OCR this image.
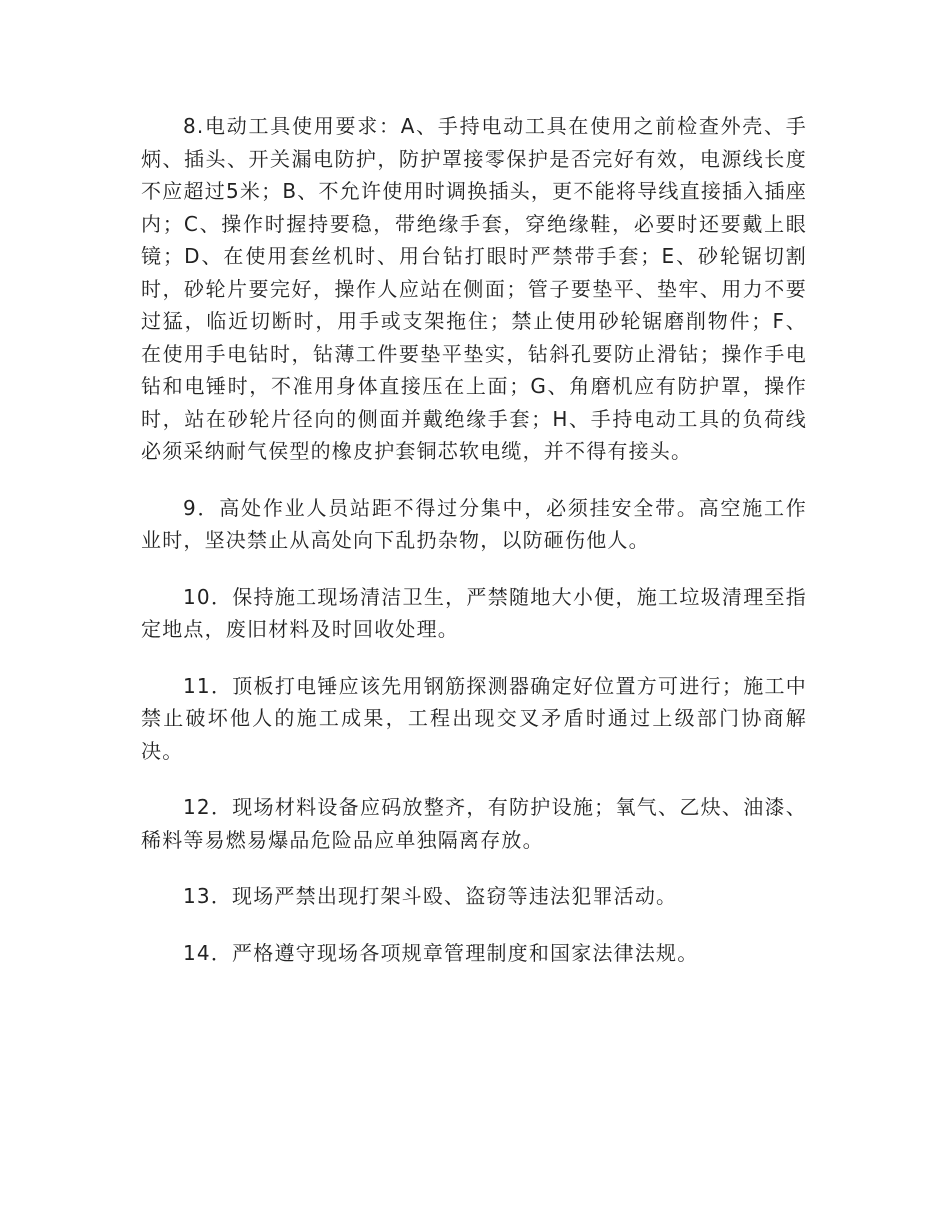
8.电动工具使用要求：A、手持电动工具在使用之前检查外壳、手炳、插头、开关漏电防护，防护罩接零保护是否完好有效，电源线长度不应超过5米；B、不允许使用时调换插头，更不能将导线直接插入插座内；C、操作时握持要稳，带绝缘手套，穿绝缘鞋，必要时还要戴上眼镜；D、在使用套丝机时、用台钻打眼时严禁带手套；E、砂轮锯切割时，砂轮片要完好，操作人应站在侧面；管子要垫平、垫牢、用力不要过猛，临近切断时，用手或支架拖住；禁止使用砂轮锯磨削物件；F、在使用手电钻时，钻薄工件要垫平垫实，钻斜孔要防止滑钻；操作手电钻和电锤时，不准用身体直接压在上面；G、角磨机应有防护罩，操作时，站在砂轮片径向的侧面并戴绝缘手套；H、手持电动工具的负荷线必须采纳耐气侯型的橡皮护套铜芯软电缆，并不得有接头。

9．高处作业人员站距不得过分集中，必须挂安全带。高空施工作业时，坚决禁止从高处向下乱扔杂物，以防砸伤他人。

10．保持施工现场清洁卫生，严禁随地大小便，施工垃圾清理至指定地点，废旧材料及时回收处理。

11．顶板打电锤应该先用钢筋探测器确定好位置方可进行；施工中禁止破坏他人的施工成果，工程出现交叉矛盾时通过上级部门协商解决。

12．现场材料设备应码放整齐，有防护设施；氧气、乙炔、油漆、稀料等易燃易爆品危险品应单独隔离存放。

13．现场严禁出现打架斗殴、盗窃等违法犯罪活动。

14．严格遵守现场各项规章管理制度和国家法律法规。
